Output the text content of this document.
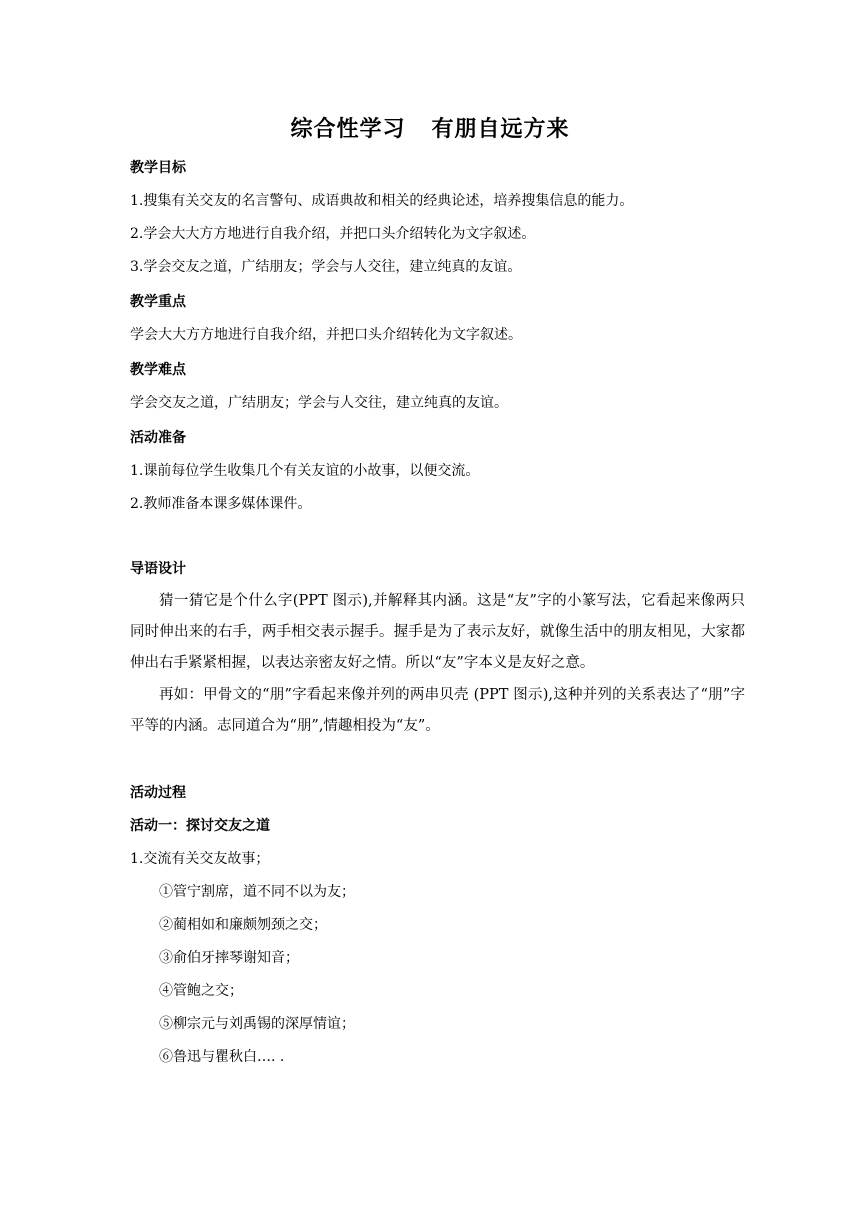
综合性学习   有朋自远方来

教学目标

1.搜集有关交友的名言警句、成语典故和相关的经典论述，培养搜集信息的能力。

2.学会大大方方地进行自我介绍，并把口头介绍转化为文字叙述。

3.学会交友之道，广结朋友；学会与人交往，建立纯真的友谊。

教学重点

学会大大方方地进行自我介绍，并把口头介绍转化为文字叙述。

教学难点

学会交友之道，广结朋友；学会与人交往，建立纯真的友谊。

活动准备

1.课前每位学生收集几个有关友谊的小故事，以便交流。

2.教师准备本课多媒体课件。

导语设计

猜一猜它是个什么字(PPT 图示),并解释其内涵。这是“友”字的小篆写法，它看起来像两只同时伸出来的右手，两手相交表示握手。握手是为了表示友好，就像生活中的朋友相见，大家都伸出右手紧紧相握，以表达亲密友好之情。所以“友”字本义是友好之意。

再如：甲骨文的“朋”字看起来像并列的两串贝壳 (PPT 图示),这种并列的关系表达了“朋”字平等的内涵。志同道合为“朋”,情趣相投为“友”。

活动过程

活动一：探讨交友之道

1.交流有关交友故事；

①管宁割席，道不同不以为友；

②蔺相如和廉颇刎颈之交；

③俞伯牙摔琴谢知音；

④管鲍之交；

⑤柳宗元与刘禹锡的深厚情谊；

⑥鲁迅与瞿秋白…. .
